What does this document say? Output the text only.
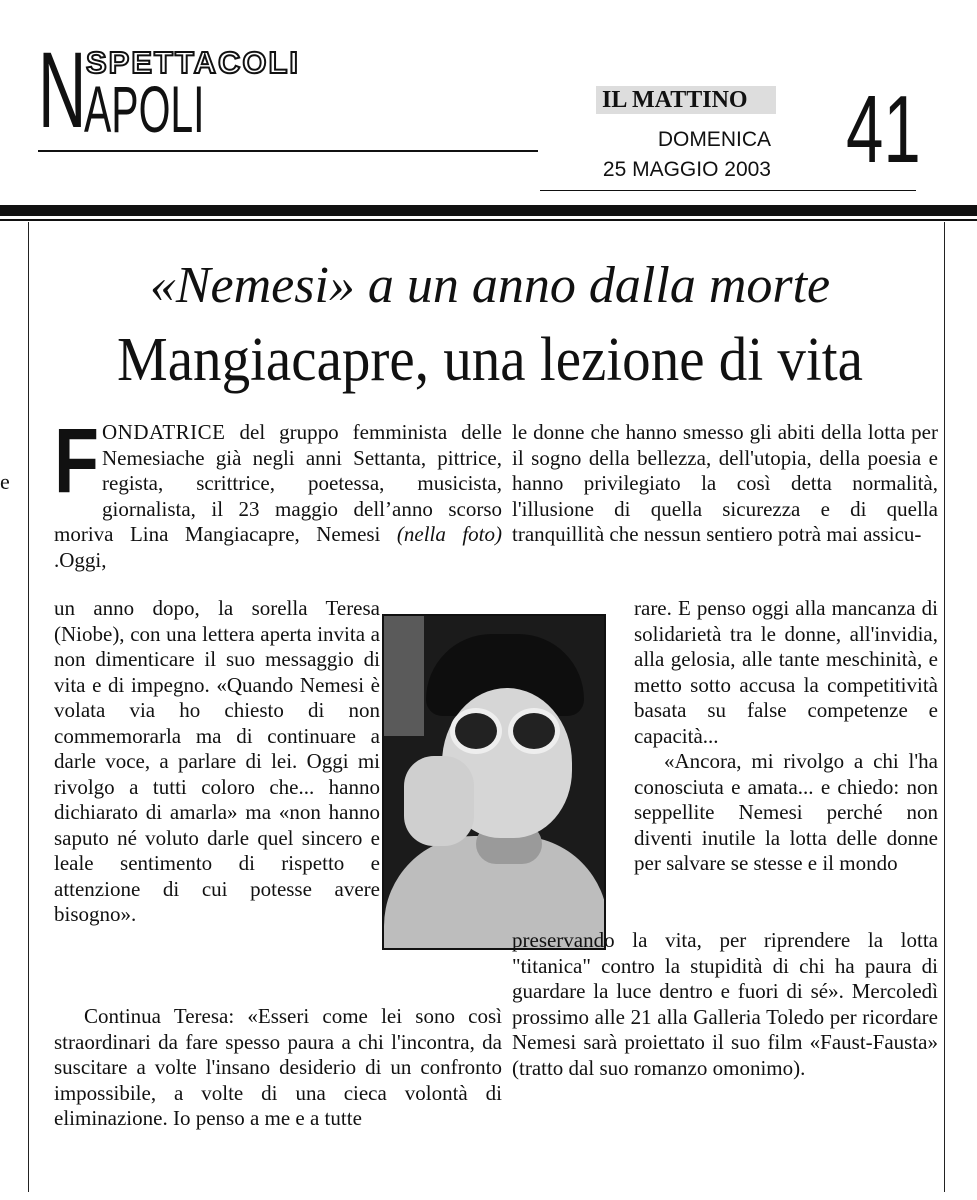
N
APOLI
SPETTACOLI
IL MATTINO
DOMENICA
25 MAGGIO 2003 41
e
«Nemesi» a un anno dalla morte
Mangiacapre, una lezione di vita

F ONDATRICE del gruppo femminista delle Nemesiache già negli anni Settanta, pittrice, regista, scrittrice, poetessa, musicista, giornalista, il 23 maggio dell’anno scorso moriva Lina Mangiacapre, Nemesi (nella foto) .Oggi,

un anno dopo, la sorella Teresa (Niobe), con una lettera aperta invita a non dimenticare il suo messaggio di vita e di impegno. «Quando Nemesi è volata via ho chiesto di non commemorarla ma di continuare a darle voce, a parlare di lei. Oggi mi rivolgo a tutti coloro che... hanno dichiarato di amarla» ma «non hanno saputo né voluto darle quel sincero e leale sentimento di rispetto e attenzione di cui potesse avere bisogno».

Continua Teresa: «Esseri come lei sono così straordinari da fare spesso paura a chi l'incontra, da suscitare a volte l'insano desiderio di un confronto impossibile, a volte di una cieca volontà di eliminazione. Io penso a me e a tutte

le donne che hanno smesso gli abiti della lotta per il sogno della bellezza, dell'utopia, della poesia e hanno privilegiato la così detta normalità, l'illusione di quella sicurezza e di quella tranquillità che nessun sentiero potrà mai assicu-

rare. E penso oggi alla mancanza di solidarietà tra le donne, all'invidia, alla gelosia, alle tante meschinità, e metto sotto accusa la competitività basata su false competenze e capacità...

«Ancora, mi rivolgo a chi l'ha conosciuta e amata... e chiedo: non seppellite Nemesi perché non diventi inutile la lotta delle donne per salvare se stesse e il mondo

preservando la vita, per riprendere la lotta "titanica" contro la stupidità di chi ha paura di guardare la luce dentro e fuori di sé». Mercoledì prossimo alle 21 alla Galleria Toledo per ricordare Nemesi sarà proiettato il suo film «Faust-Fausta» (tratto dal suo romanzo omonimo).
